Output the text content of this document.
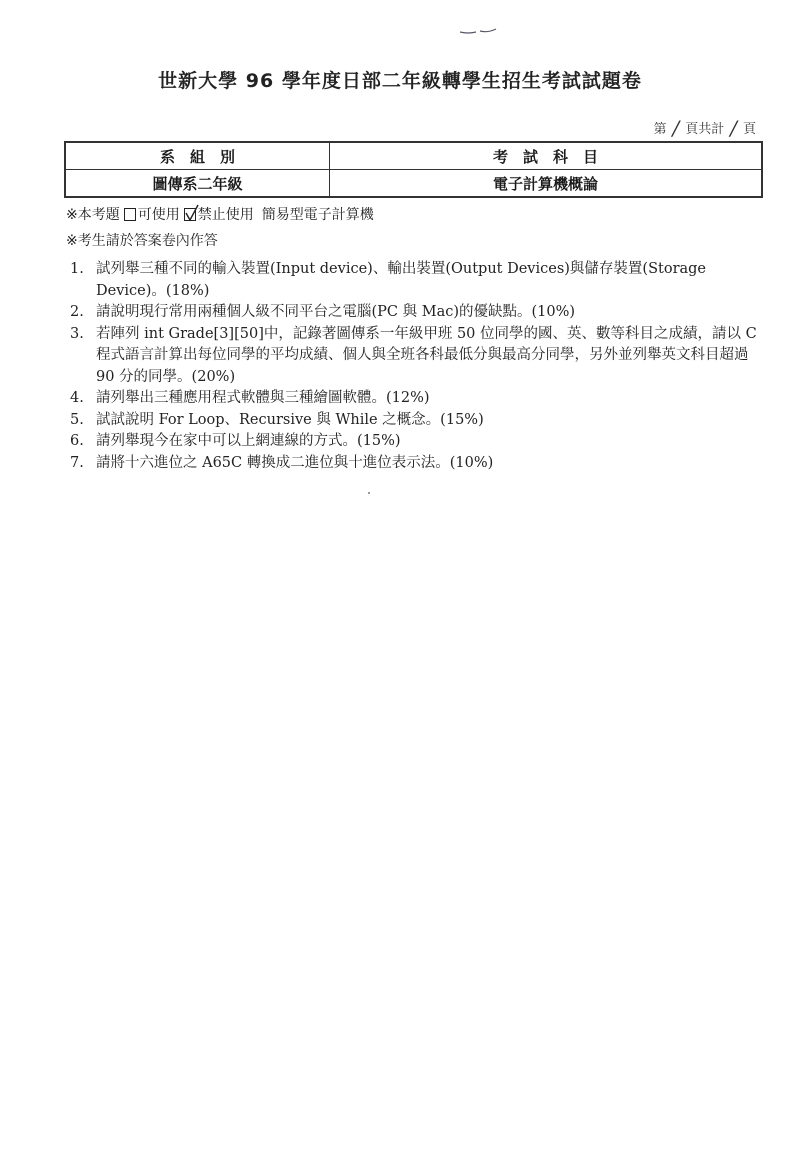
世新大學 96 學年度日部二年級轉學生招生考試試題卷
第 / 頁共計 / 頁
系　組　別	考　試　科　目
圖傳系二年級	電子計算機概論
※本考題 可使用 禁止使用 簡易型電子計算機
※考生請於答案卷內作答
1. 試列舉三種不同的輸入裝置(Input device)、輸出裝置(Output Devices)與儲存裝置(Storage Device)。(18%)
2. 請說明現行常用兩種個人級不同平台之電腦(PC 與 Mac)的優缺點。(10%)
3. 若陣列 int Grade[3][50]中，記錄著圖傳系一年級甲班 50 位同學的國、英、數等科目之成績，請以 C 程式語言計算出每位同學的平均成績、個人與全班各科最低分與最高分同學，另外並列舉英文科目超過 90 分的同學。(20%)
4. 請列舉出三種應用程式軟體與三種繪圖軟體。(12%)
5. 試試說明 For Loop、Recursive 與 While 之概念。(15%)
6. 請列舉現今在家中可以上網連線的方式。(15%)
7. 請將十六進位之 A65C 轉換成二進位與十進位表示法。(10%)
